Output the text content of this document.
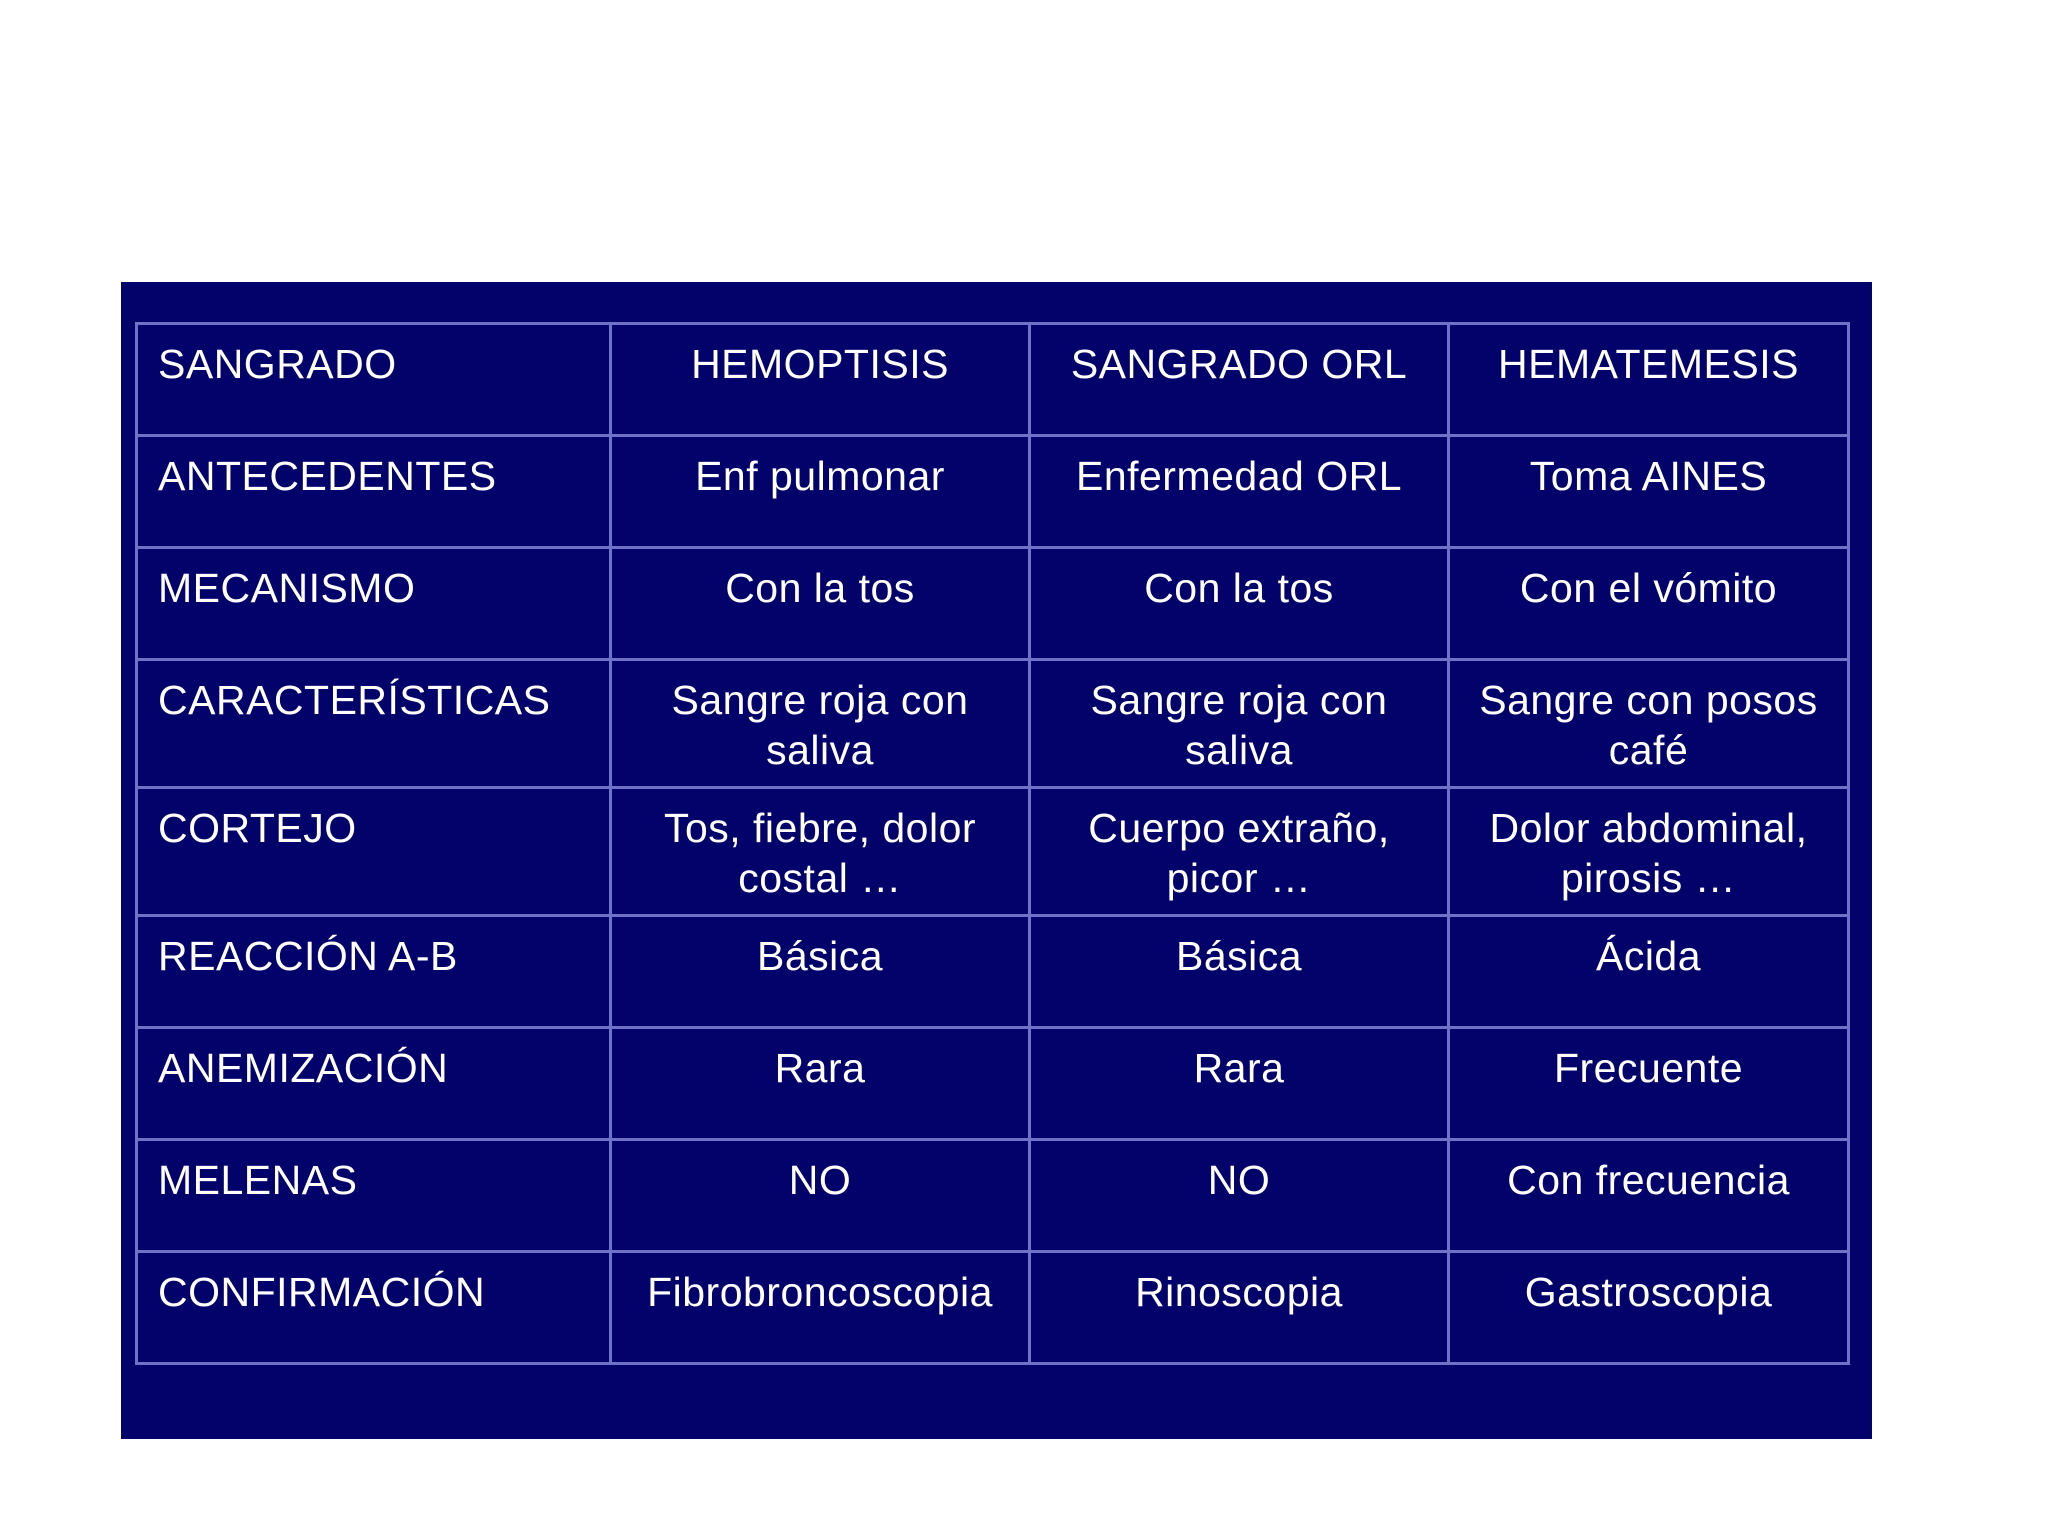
SANGRADO	HEMOPTISIS	SANGRADO ORL	HEMATEMESIS
ANTECEDENTES	Enf pulmonar	Enfermedad ORL	Toma AINES
MECANISMO	Con la tos	Con la tos	Con el vómito
CARACTERÍSTICAS	Sangre roja con saliva	Sangre roja con saliva	Sangre con posos café
CORTEJO	Tos, fiebre, dolor costal …	Cuerpo extraño, picor …	Dolor abdominal, pirosis …
REACCIÓN A-B	Básica	Básica	Ácida
ANEMIZACIÓN	Rara	Rara	Frecuente
MELENAS	NO	NO	Con frecuencia
CONFIRMACIÓN	Fibrobroncoscopia	Rinoscopia	Gastroscopia
